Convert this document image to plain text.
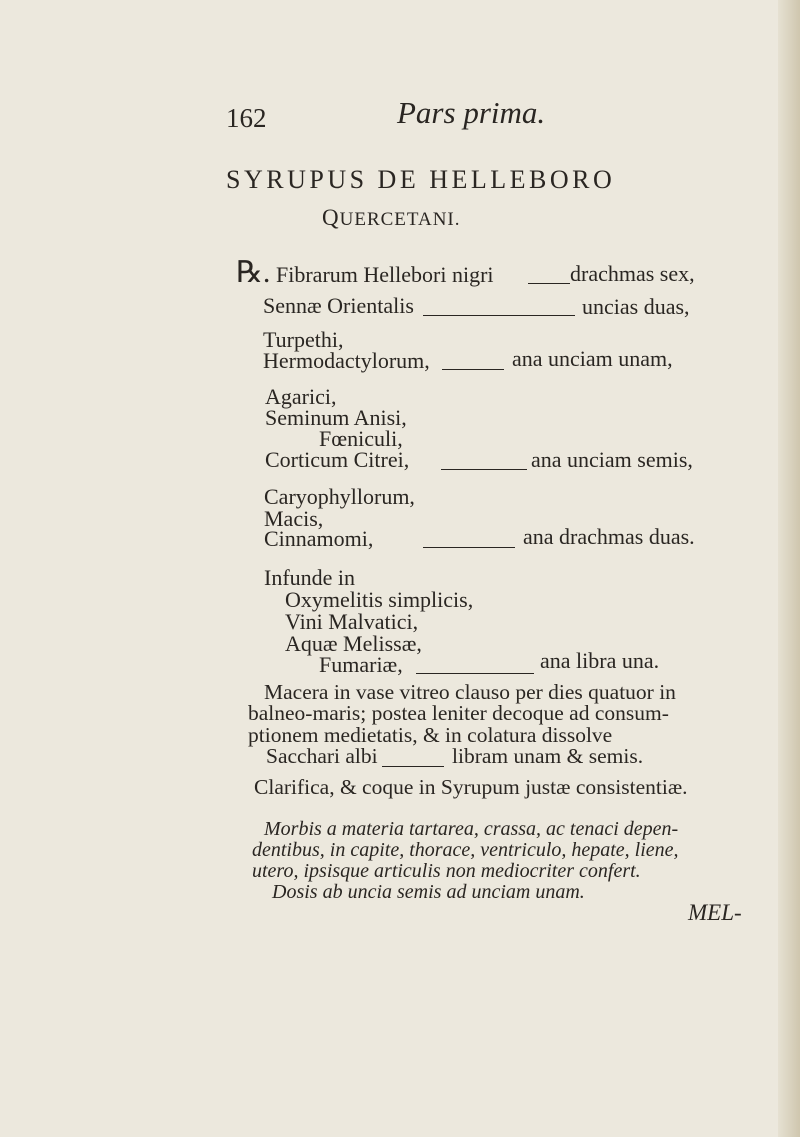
162	Pars prima.
SYRUPUS DE HELLEBORO
QUERCETANI.
℞. Fibrarum Hellebori nigri	drachmas sex,
Sennæ Orientalis	uncias duas,
Turpethi,
Hermodactylorum,	ana unciam unam,
Agarici,
Seminum Anisi,
Fœniculi,
Corticum Citrei,	ana unciam semis,
Caryophyllorum,
Macis,
Cinnamomi,	ana drachmas duas.
Infunde in
Oxymelitis simplicis,
Vini Malvatici,
Aquæ Melissæ,
Fumariæ,	ana libra una.
Macera in vase vitreo clauso per dies quatuor in
balneo-maris; postea leniter decoque ad consum-
ptionem medietatis, & in colatura dissolve
Sacchari albi	libram unam & semis.
Clarifica, & coque in Syrupum justæ consistentiæ.
Morbis a materia tartarea, crassa, ac tenaci depen-
dentibus, in capite, thorace, ventriculo, hepate, liene,
utero, ipsisque articulis non mediocriter confert.
Dosis ab uncia semis ad unciam unam.
MEL-
